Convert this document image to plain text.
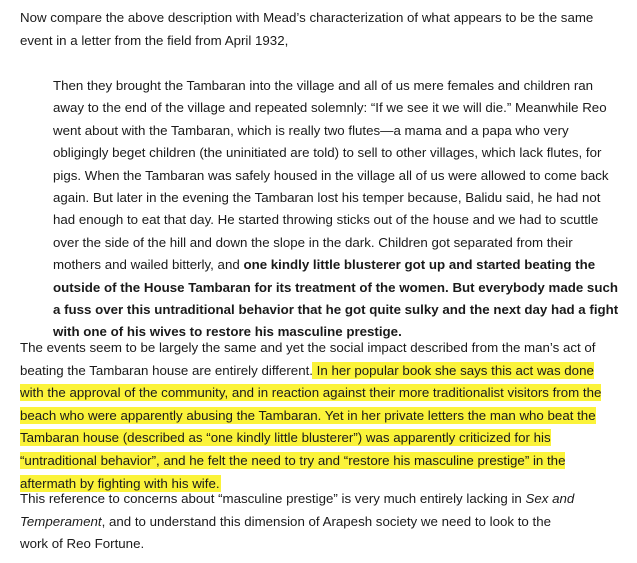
Now compare the above description with Mead’s characterization of what appears to be the same event in a letter from the field from April 1932,

Then they brought the Tambaran into the village and all of us mere females and children ran away to the end of the village and repeated solemnly: “If we see it we will die.” Meanwhile Reo went about with the Tambaran, which is really two flutes—a mama and a papa who very obligingly beget children (the uninitiated are told) to sell to other villages, which lack flutes, for pigs. When the Tambaran was safely housed in the village all of us were allowed to come back again. But later in the evening the Tambaran lost his temper because, Balidu said, he had not had enough to eat that day. He started throwing sticks out of the house and we had to scuttle over the side of the hill and down the slope in the dark. Children got separated from their mothers and wailed bitterly, and one kindly little blusterer got up and started beating the outside of the House Tambaran for its treatment of the women. But everybody made such a fuss over this untraditional behavior that he got quite sulky and the next day had a fight with one of his wives to restore his masculine prestige.

The events seem to be largely the same and yet the social impact described from the man’s act of beating the Tambaran house are entirely different. In her popular book she says this act was done with the approval of the community, and in reaction against their more traditionalist visitors from the beach who were apparently abusing the Tambaran. Yet in her private letters the man who beat the Tambaran house (described as “one kindly little blusterer”) was apparently criticized for his “untraditional behavior”, and he felt the need to try and “restore his masculine prestige” in the aftermath by fighting with his wife.

This reference to concerns about “masculine prestige” is very much entirely lacking in Sex and Temperament, and to understand this dimension of Arapesh society we need to look to the work of Reo Fortune.
